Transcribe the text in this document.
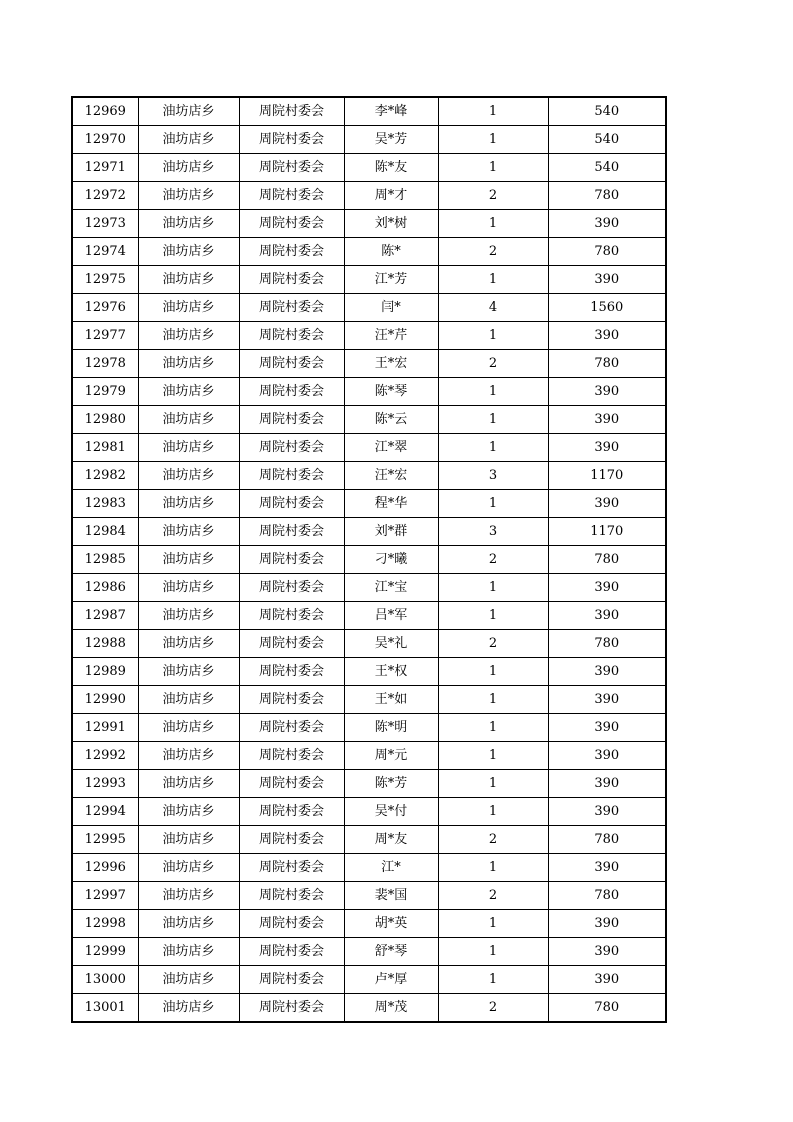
12969	油坊店乡	周院村委会	李*峰	1	540
12970	油坊店乡	周院村委会	吴*芳	1	540
12971	油坊店乡	周院村委会	陈*友	1	540
12972	油坊店乡	周院村委会	周*才	2	780
12973	油坊店乡	周院村委会	刘*树	1	390
12974	油坊店乡	周院村委会	陈*	2	780
12975	油坊店乡	周院村委会	江*芳	1	390
12976	油坊店乡	周院村委会	闫*	4	1560
12977	油坊店乡	周院村委会	汪*芹	1	390
12978	油坊店乡	周院村委会	王*宏	2	780
12979	油坊店乡	周院村委会	陈*琴	1	390
12980	油坊店乡	周院村委会	陈*云	1	390
12981	油坊店乡	周院村委会	江*翠	1	390
12982	油坊店乡	周院村委会	汪*宏	3	1170
12983	油坊店乡	周院村委会	程*华	1	390
12984	油坊店乡	周院村委会	刘*群	3	1170
12985	油坊店乡	周院村委会	刁*曦	2	780
12986	油坊店乡	周院村委会	江*宝	1	390
12987	油坊店乡	周院村委会	吕*军	1	390
12988	油坊店乡	周院村委会	吴*礼	2	780
12989	油坊店乡	周院村委会	王*权	1	390
12990	油坊店乡	周院村委会	王*如	1	390
12991	油坊店乡	周院村委会	陈*明	1	390
12992	油坊店乡	周院村委会	周*元	1	390
12993	油坊店乡	周院村委会	陈*芳	1	390
12994	油坊店乡	周院村委会	吴*付	1	390
12995	油坊店乡	周院村委会	周*友	2	780
12996	油坊店乡	周院村委会	江*	1	390
12997	油坊店乡	周院村委会	裴*国	2	780
12998	油坊店乡	周院村委会	胡*英	1	390
12999	油坊店乡	周院村委会	舒*琴	1	390
13000	油坊店乡	周院村委会	卢*厚	1	390
13001	油坊店乡	周院村委会	周*茂	2	780
